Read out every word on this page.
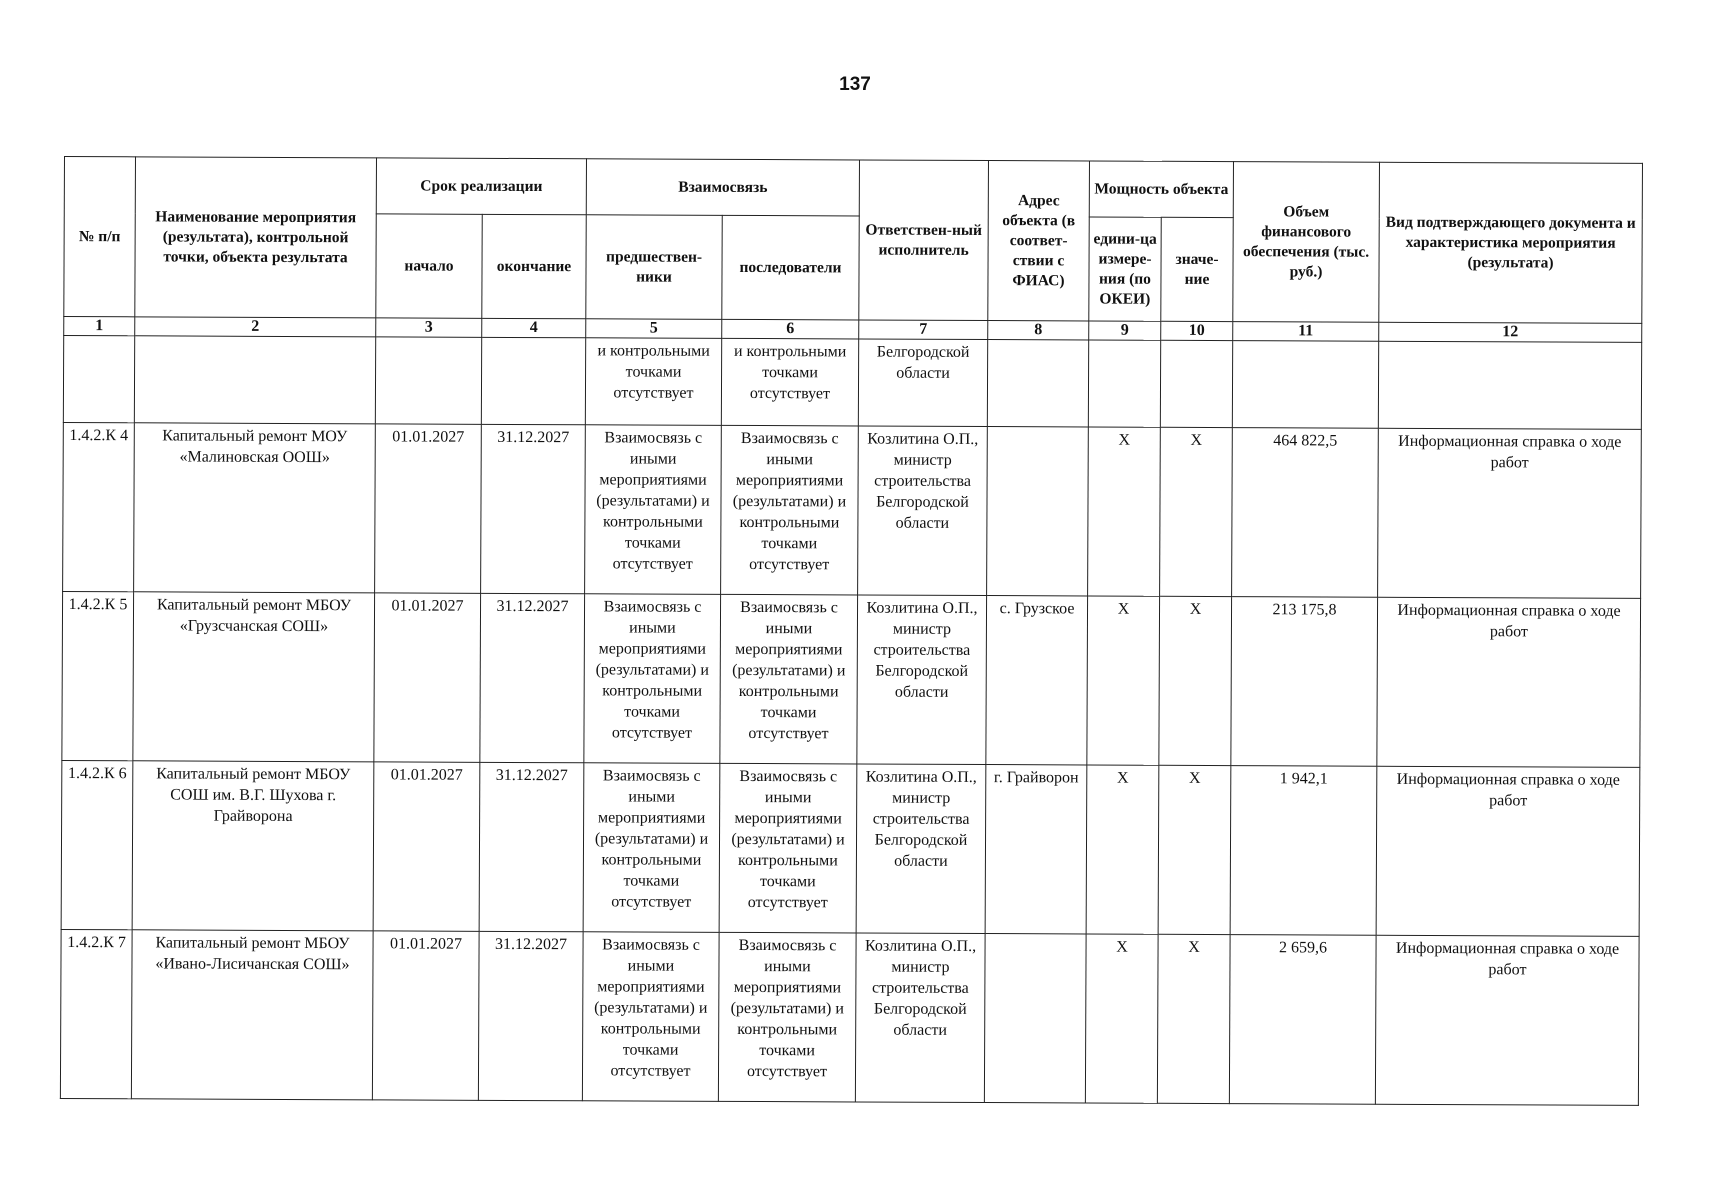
137
№ п/п	Наименование мероприятия (результата), контрольной точки, объекта результата	Срок реализации		Взаимосвязь		Ответствен-ный исполнитель	Адрес объекта (в соответ-ствии с ФИАС)	Мощность объекта		Объем финансового обеспечения (тыс. руб.)	Вид подтверждающего документа и характеристика мероприятия (результата)
		начало	окончание	предшествен-ники	последователи			едини-ца измере-ния (по ОКЕИ)	значе-ние		
1	2	3	4	5	6	7	8	9	10	11	12
				и контрольными точками отсутствует	и контрольными точками отсутствует	Белгородской области					
1.4.2.К 4	Капитальный ремонт МОУ «Малиновская ООШ»	01.01.2027	31.12.2027	Взаимосвязь с иными мероприятиями (результатами) и контрольными точками отсутствует	Взаимосвязь с иными мероприятиями (результатами) и контрольными точками отсутствует	Козлитина О.П., министр строительства Белгородской области		X	X	464 822,5	Информационная справка о ходе работ
1.4.2.К 5	Капитальный ремонт МБОУ «Грузсчанская СОШ»	01.01.2027	31.12.2027	Взаимосвязь с иными мероприятиями (результатами) и контрольными точками отсутствует	Взаимосвязь с иными мероприятиями (результатами) и контрольными точками отсутствует	Козлитина О.П., министр строительства Белгородской области	с. Грузское	X	X	213 175,8	Информационная справка о ходе работ
1.4.2.К 6	Капитальный ремонт МБОУ СОШ им. В.Г. Шухова г. Грайворона	01.01.2027	31.12.2027	Взаимосвязь с иными мероприятиями (результатами) и контрольными точками отсутствует	Взаимосвязь с иными мероприятиями (результатами) и контрольными точками отсутствует	Козлитина О.П., министр строительства Белгородской области	г. Грайворон	X	X	1 942,1	Информационная справка о ходе работ
1.4.2.К 7	Капитальный ремонт МБОУ «Ивано-Лисичанская СОШ»	01.01.2027	31.12.2027	Взаимосвязь с иными мероприятиями (результатами) и контрольными точками отсутствует	Взаимосвязь с иными мероприятиями (результатами) и контрольными точками отсутствует	Козлитина О.П., министр строительства Белгородской области		X	X	2 659,6	Информационная справка о ходе работ
